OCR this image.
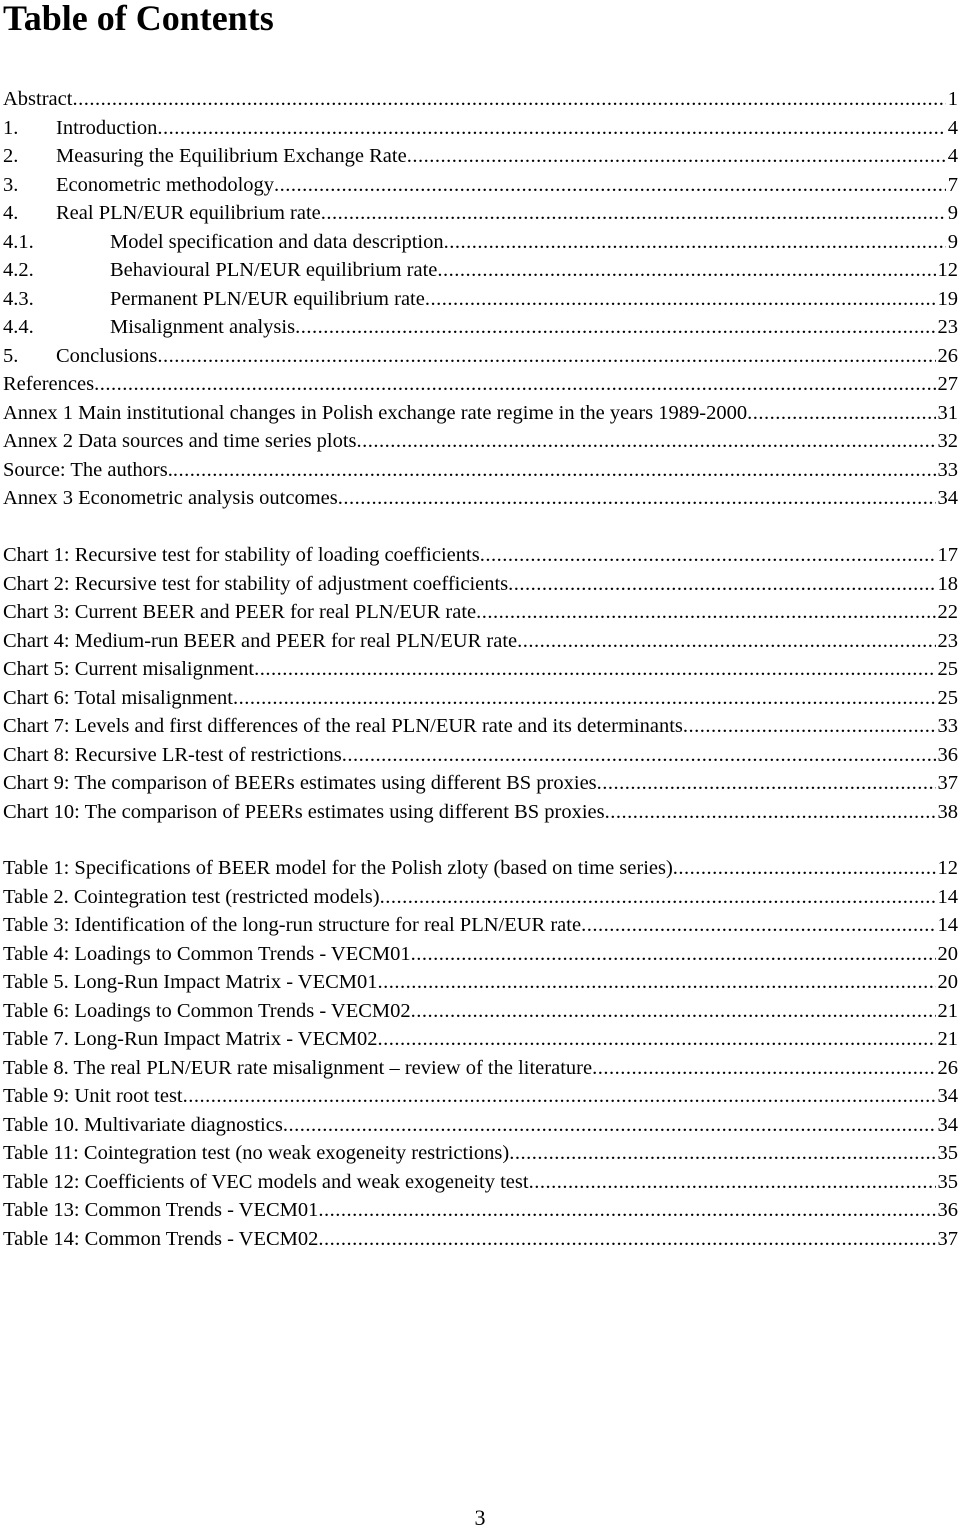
Table of Contents
Abstract .....	1
1.	Introduction .....	4
2.	Measuring the Equilibrium Exchange Rate .....	4
3.	Econometric methodology .....	7
4.	Real PLN/EUR equilibrium rate .....	9
4.1.	Model specification and data description .....	9
4.2.	Behavioural PLN/EUR equilibrium rate .....	12
4.3.	Permanent PLN/EUR equilibrium rate .....	19
4.4.	Misalignment analysis .....	23
5.	Conclusions .....	26
References .....	27
Annex 1 Main institutional changes in Polish exchange rate regime in the years 1989-2000 .....	31
Annex 2 Data sources and time series plots .....	32
Source: The authors. .....	33
Annex 3 Econometric analysis outcomes .....	34
Chart 1: Recursive test for stability of loading coefficients .....	17
Chart 2: Recursive test for stability of adjustment coefficients .....	18
Chart 3: Current BEER and PEER for real PLN/EUR rate .....	22
Chart 4: Medium-run BEER and PEER for real PLN/EUR rate .....	23
Chart 5: Current misalignment .....	25
Chart 6: Total misalignment .....	25
Chart 7: Levels and first differences of the real PLN/EUR rate and its determinants .....	33
Chart 8: Recursive LR-test of restrictions .....	36
Chart 9: The comparison of BEERs estimates using different BS proxies .....	37
Chart 10: The comparison of PEERs estimates using different BS proxies .....	38
Table 1: Specifications of BEER model for the Polish zloty (based on time series) .....	12
Table 2. Cointegration test (restricted models) .....	14
Table 3: Identification of the long-run structure for real PLN/EUR rate .....	14
Table 4: Loadings to Common Trends - VECM01 .....	20
Table 5. Long-Run Impact Matrix - VECM01 .....	20
Table 6: Loadings to Common Trends - VECM02 .....	21
Table 7. Long-Run Impact Matrix - VECM02 .....	21
Table 8. The real PLN/EUR rate misalignment – review of the literature .....	26
Table 9: Unit root test .....	34
Table 10. Multivariate diagnostics .....	34
Table 11: Cointegration test (no weak exogeneity restrictions) .....	35
Table 12: Coefficients of VEC models and weak exogeneity test .....	35
Table 13: Common Trends - VECM01 .....	36
Table 14: Common Trends - VECM02 .....	37
3
